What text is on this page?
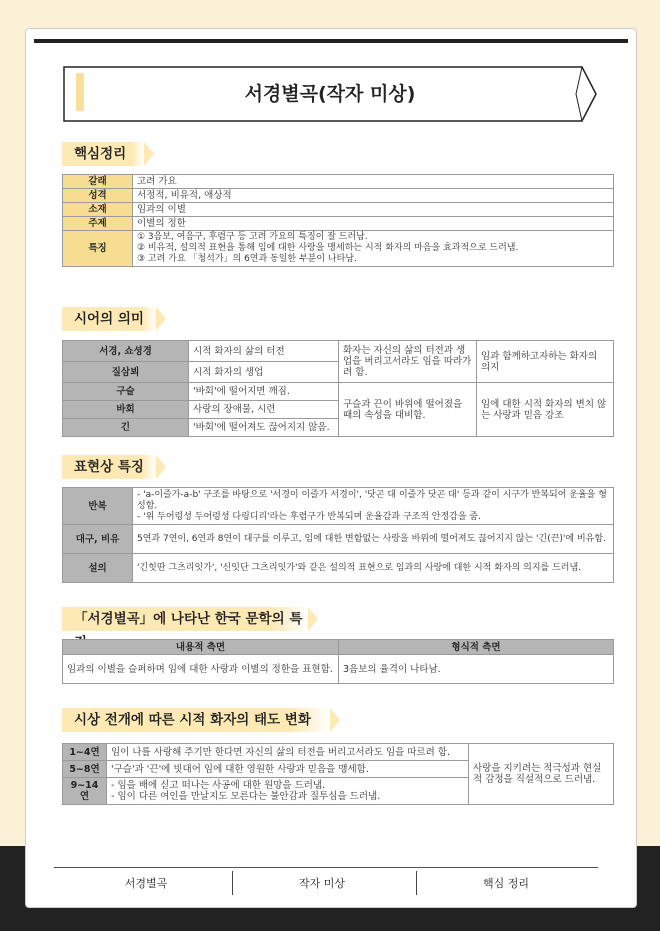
서경별곡(작자 미상)
핵심정리
갈래	고려 가요
성격	서정적, 비유적, 애상적
소재	임과의 이별
주제	이별의 정한
특징	① 3음보, 여음구, 후렴구 등 고려 가요의 특징이 잘 드러남.
② 비유적, 설의적 표현을 통해 임에 대한 사랑을 맹세하는 시적 화자의 마음을 효과적으로 드러냄.
③ 고려 가요 「청석가」의 6연과 동일한 부분이 나타남.
시어의 의미
서경, 쇼셩경	시적 화자의 삶의 터전	화자는 자신의 삶의 터전과 생업을 버리고서라도 임을 따라가려 함.	임과 함께하고자하는 화자의 의지
질삼뵈	시적 화자의 생업		
구슬	'바회'에 떨어지면 깨짐.	구슬과 끈이 바위에 떨어졌을 때의 속성을 대비함.	임에 대한 시적 화자의 변치 않는 사랑과 믿음 강조
바회	사랑의 장애물, 시련		
긴	'바회'에 떨어져도 끊어지지 않음.		
표현상 특징
반복	- 'a-이즐가-a-b' 구조를 바탕으로 '서경이 이즐가 서경이', '닷곤 대 이즐가 닷곤 대' 등과 같이 시구가 반복되어 운율을 형성함.
- '위 두어렁셩 두어렁셩 다링디리'라는 후렴구가 반복되며 운율감과 구조적 안정감을 줌.

대구, 비유	5연과 7연이, 6연과 8연이 대구를 이루고, 임에 대한 변함없는 사랑을 바위에 떨어져도 끊어지지 않는 '긴(끈)'에 비유함.

설의	'긴힛딴 그츠리잇가', '신잇단 그츠리잇가'와 같은 설의적 표현으로 임과의 사랑에 대한 시적 화자의 의지를 드러냄.
「서경별곡」에 나타난 한국 문학의 특
내용적 측면	형식적 측면
임과의 이별을 슬퍼하며 임에 대한 사랑과 이별의 정한을 표현함.	3음보의 율격이 나타남.
시상 전개에 따른 시적 화자의 태도 변화
1~4연	임이 나를 사랑해 주기만 한다면 자신의 삶의 터전을 버리고서라도 임을 따르려 함.	사랑을 지키려는 적극성과 현실적 감정을 직설적으로 드러냄.
5~8연	'구슬'과 '끈'에 빗대어 임에 대한 영원한 사랑과 믿음을 맹세함.	

9~14연	- 임을 배에 싣고 떠나는 사공에 대한 원망을 드러냄.
- 임이 다른 여인을 만날지도 모른다는 불안감과 질투심을 드러냄.	
서경별곡	작자 미상	핵심 정리
